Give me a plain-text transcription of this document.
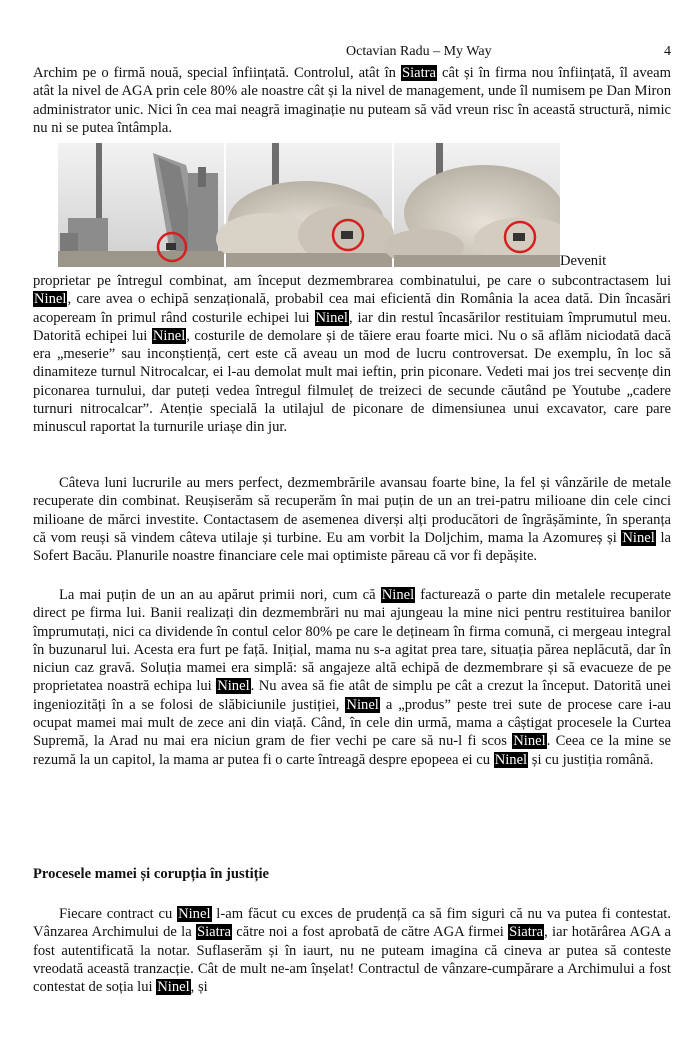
Octavian Radu – My Way	4

Archim pe o firmă nouă, special înființată. Controlul, atât în Siatra cât și în firma nou înființată, îl aveam atât la nivel de AGA prin cele 80% ale noastre cât și la nivel de management, unde îl numisem pe Dan Miron administrator unic. Nici în cea mai neagră imaginație nu puteam să văd vreun risc în această structură, nimic nu ni se putea întâmpla.

Devenit

proprietar pe întregul combinat, am început dezmembrarea combinatului, pe care o subcontractasem lui Ninel, care avea o echipă senzațională, probabil cea mai eficientă din România la acea dată. Din încasări acopeream în primul rând costurile echipei lui Ninel, iar din restul încasărilor restituiam împrumutul meu. Datorită echipei lui Ninel, costurile de demolare și de tăiere erau foarte mici. Nu o să aflăm niciodată dacă era „meserie” sau inconștiență, cert este că aveau un mod de lucru controversat. De exemplu, în loc să dinamiteze turnul Nitrocalcar, ei l-au demolat mult mai ieftin, prin piconare. Vedeti mai jos trei secvențe din piconarea turnului, dar puteți vedea întregul filmuleț de treizeci de secunde căutând pe Youtube „cadere turnuri nitrocalcar”. Atenție specială la utilajul de piconare de dimensiunea unui excavator, care pare minuscul raportat la turnurile uriașe din jur.

Câteva luni lucrurile au mers perfect, dezmembrările avansau foarte bine, la fel și vânzările de metale recuperate din combinat. Reușiserăm să recuperăm în mai puțin de un an trei-patru milioane din cele cinci milioane de mărci investite. Contactasem de asemenea diverși alți producători de îngrășăminte, în speranța că vom reuși să vindem câteva utilaje și turbine. Eu am vorbit la Doljchim, mama la Azomureș și Ninel la Sofert Bacău. Planurile noastre financiare cele mai optimiste păreau că vor fi depășite.

La mai puțin de un an au apărut primii nori, cum că Ninel facturează o parte din metalele recuperate direct pe firma lui. Banii realizați din dezmembrări nu mai ajungeau la mine nici pentru restituirea banilor împrumutați, nici ca dividende în contul celor 80% pe care le dețineam în firma comună, ci mergeau integral în buzunarul lui. Acesta era furt pe față. Inițial, mama nu s-a agitat prea tare, situația părea neplăcută, dar în niciun caz gravă. Soluția mamei era simplă: să angajeze altă echipă de dezmembrare și să evacueze de pe proprietatea noastră echipa lui Ninel. Nu avea să fie atât de simplu pe cât a crezut la început. Datorită unei ingeniozități în a se folosi de slăbiciunile justiției, Ninel a „produs” peste trei sute de procese care i-au ocupat mamei mai mult de zece ani din viață. Când, în cele din urmă, mama a câștigat procesele la Curtea Supremă, la Arad nu mai era niciun gram de fier vechi pe care să nu-l fi scos Ninel. Ceea ce la mine se rezumă la un capitol, la mama ar putea fi o carte întreagă despre epopeea ei cu Ninel și cu justiția română.

Procesele mamei și corupția în justiție

Fiecare contract cu Ninel l-am făcut cu exces de prudență ca să fim siguri că nu va putea fi contestat. Vânzarea Archimului de la Siatra către noi a fost aprobată de către AGA firmei Siatra, iar hotărârea AGA a fost autentificată la notar. Suflaserăm și în iaurt, nu ne puteam imagina că cineva ar putea să conteste vreodată această tranzacție. Cât de mult ne-am înșelat! Contractul de vânzare-cumpărare a Archimului a fost contestat de soția lui Ninel, și
